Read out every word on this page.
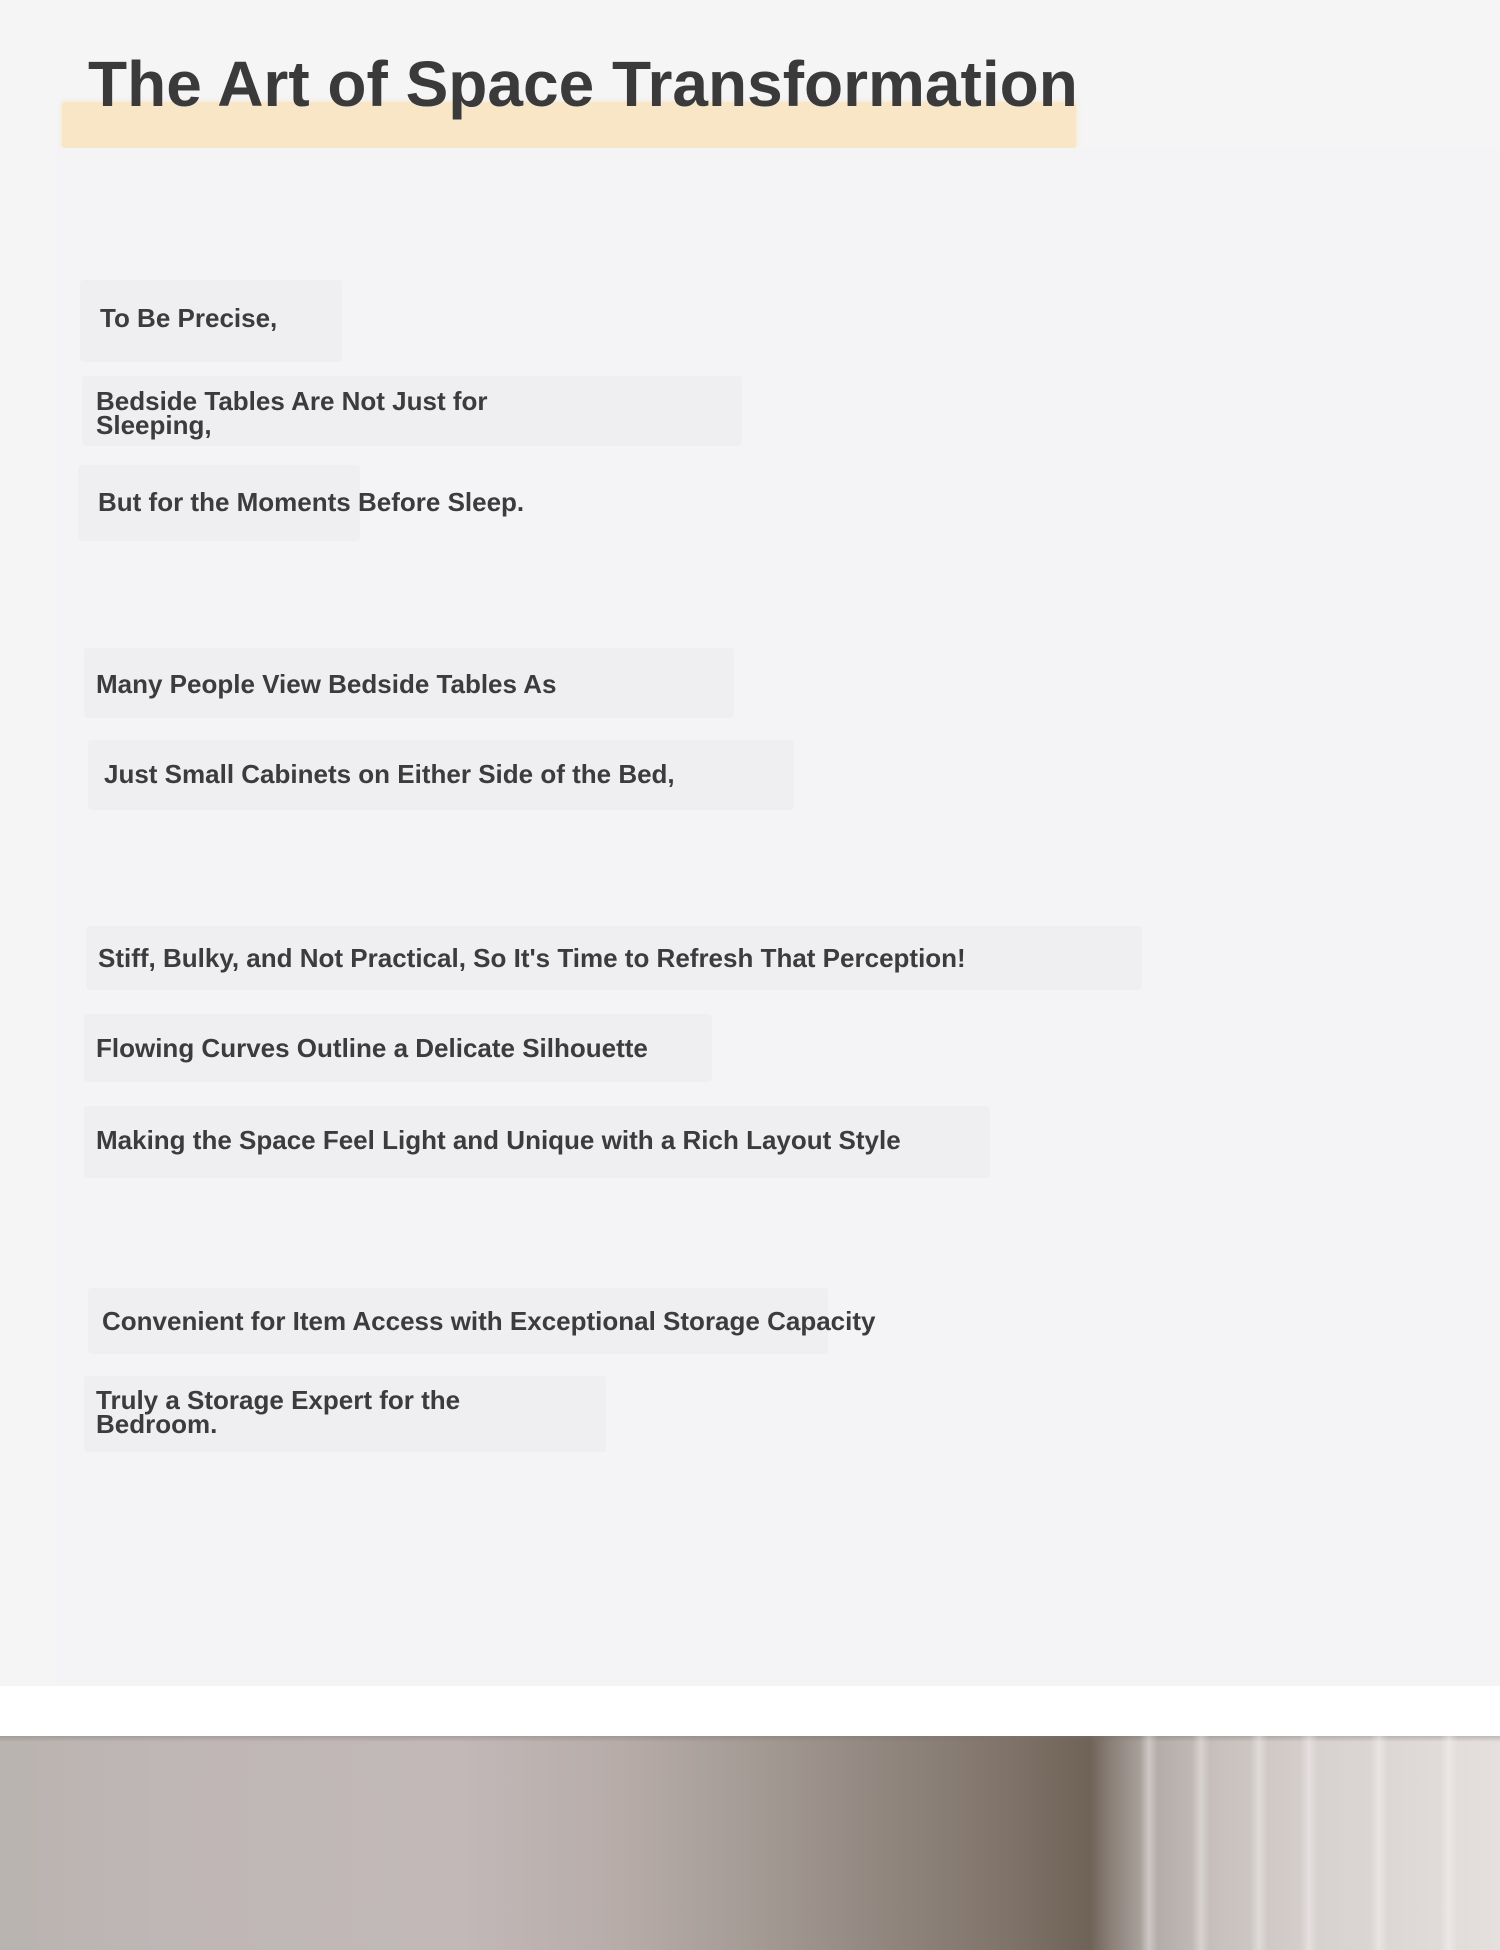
The Art of Space Transformation

To Be Precise,

Bedside Tables Are Not Just for Sleeping,

But for the Moments Before Sleep.

Many People View Bedside Tables As

Just Small Cabinets on Either Side of the Bed,

Stiff, Bulky, and Not Practical, So It's Time to Refresh That Perception!

Flowing Curves Outline a Delicate Silhouette

Making the Space Feel Light and Unique with a Rich Layout Style

Convenient for Item Access with Exceptional Storage Capacity

Truly a Storage Expert for the Bedroom.
